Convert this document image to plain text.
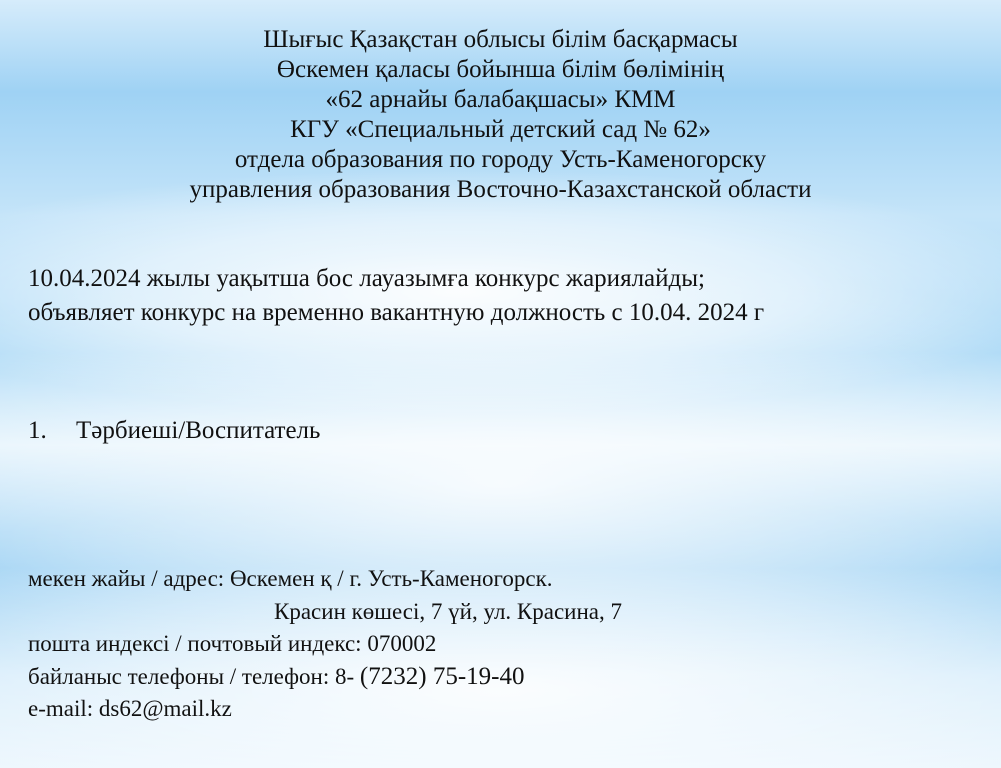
Шығыс Қазақстан облысы білім басқармасы
Өскемен қаласы бойынша білім бөлімінің
«62 арнайы балабақшасы» КММ
КГУ «Специальный детский сад № 62»
отдела образования по городу Усть-Каменогорску
управления образования Восточно-Казахстанской области
10.04.2024 жылы уақытша бос лауазымға конкурс жариялайды;
объявляет конкурс на временно вакантную должность с 10.04. 2024 г
1. Тәрбиеші/Воспитатель
мекен жайы / адрес: Өскемен қ / г. Усть-Каменогорск.
Красин көшесі, 7 үй, ул. Красина, 7
пошта индексі / почтовый индекс: 070002
байланыс телефоны / телефон: 8- (7232) 75-19-40
e-mail: ds62@mail.kz
